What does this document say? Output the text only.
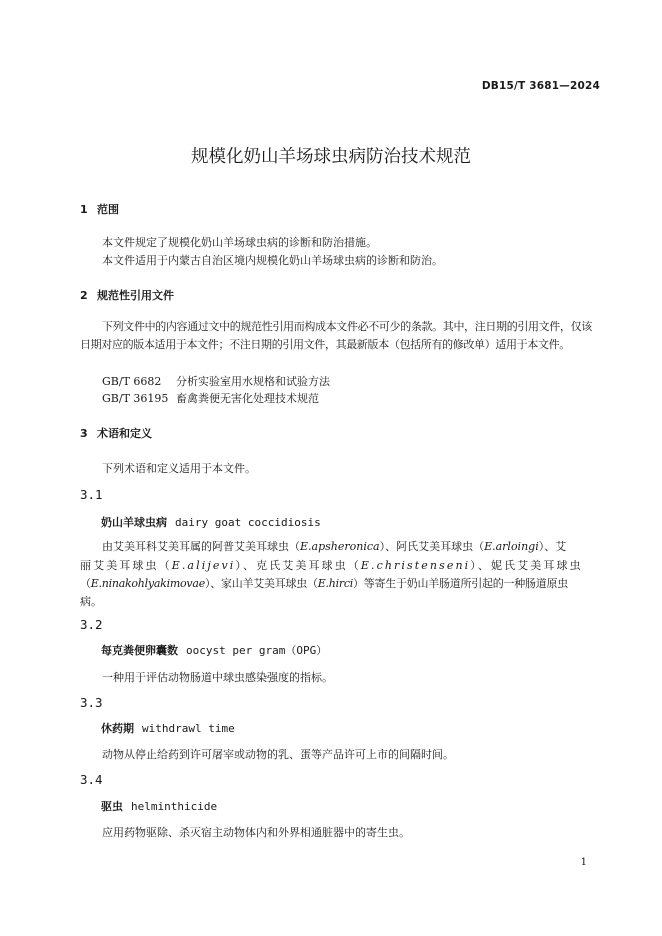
DB15/T 3681—2024
规模化奶山羊场球虫病防治技术规范
1 范围
本文件规定了规模化奶山羊场球虫病的诊断和防治措施。
本文件适用于内蒙古自治区境内规模化奶山羊场球虫病的诊断和防治。
2 规范性引用文件
下列文件中的内容通过文中的规范性引用而构成本文件必不可少的条款。其中，注日期的引用文件，仅该日期对应的版本适用于本文件；不注日期的引用文件，其最新版本（包括所有的修改单）适用于本文件。
GB/T 6682 分析实验室用水规格和试验方法
GB/T 36195 畜禽粪便无害化处理技术规范
3 术语和定义
下列术语和定义适用于本文件。
3.1
奶山羊球虫病 dairy goat coccidiosis
由艾美耳科艾美耳属的阿普艾美耳球虫（E.apsheronica）、阿氏艾美耳球虫（E.arloingi）、艾
丽艾美耳球虫（E.alijevi）、克氏艾美耳球虫（E.christenseni）、妮氏艾美耳球虫
（E.ninakohlyakimovae）、家山羊艾美耳球虫（E.hirci）等寄生于奶山羊肠道所引起的一种肠道原虫
病。
3.2
每克粪便卵囊数 oocyst per gram（OPG）
一种用于评估动物肠道中球虫感染强度的指标。
3.3
休药期 withdrawl time
动物从停止给药到许可屠宰或动物的乳、蛋等产品许可上市的间隔时间。
3.4
驱虫 helminthicide
应用药物驱除、杀灭宿主动物体内和外界相通脏器中的寄生虫。
1
